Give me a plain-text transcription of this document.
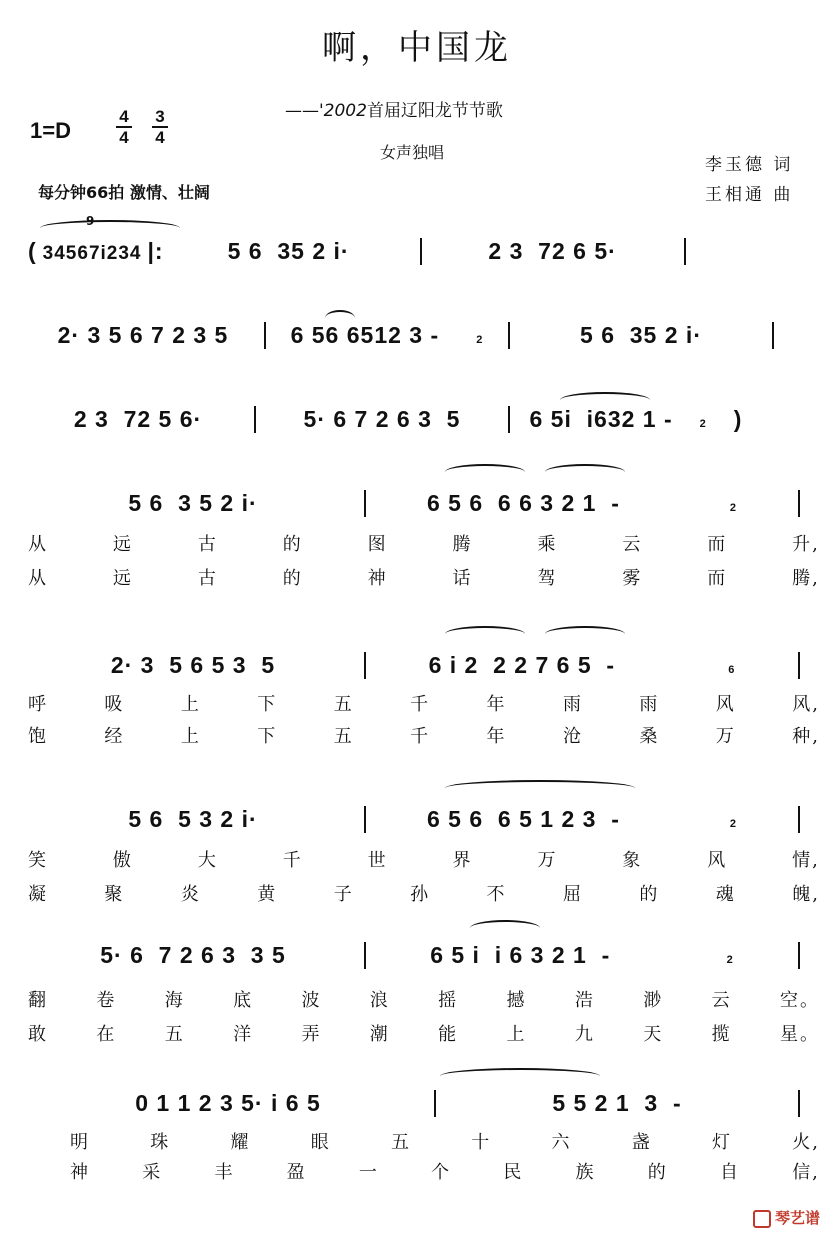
啊，中国龙
——'2002首届辽阳龙节节歌
女声独唱
1=D
4
4
3
4
每分钟66拍 激情、壮阔
李玉德 词
王相通 曲
9
( 34567i234 |:	5 6  35 2 i·	2 3  72 6 5·
2· 3 5 6 7 2 3 5	6 56 6512 3 -	2	5 6  35 2 i·
2 3  72 5 6·	5· 6 7 2 6 3  5	6 5i  i632 1 - 2 )
5 6  3 5 2 i·	6 5 6  6 6 3 2 1  -	2
从	远	古	的	图	腾	乘	云	而	升,
从	远	古	的	神	话	驾	雾	而	腾,
2· 3  5 6 5 3  5	6 i 2  2 2 7 6 5  -	6
呼	吸	上	下	五	千	年	雨	雨	风	风,
饱	经	上	下	五	千	年	沧	桑	万	种,
5 6  5 3 2 i·	6 5 6  6 5 1 2 3  -	2
笑	傲	大	千	世	界	万	象	风	情,
凝	聚	炎	黄	子	孙	不	屈	的	魂	魄,
5· 6  7 2 6 3  3 5	6 5 i  i 6 3 2 1  -	2
翻	卷	海	底	波	浪	摇	撼	浩	渺	云	空。
敢	在	五	洋	弄	潮	能	上	九	天	揽	星。
0 1 1 2 3 5· i 6 5	5 5 2 1  3  -
明	珠	耀	眼	五	十	六	盏	灯	火,
神	采	丰	盈	一	个	民	族	的	自	信,
琴艺谱
